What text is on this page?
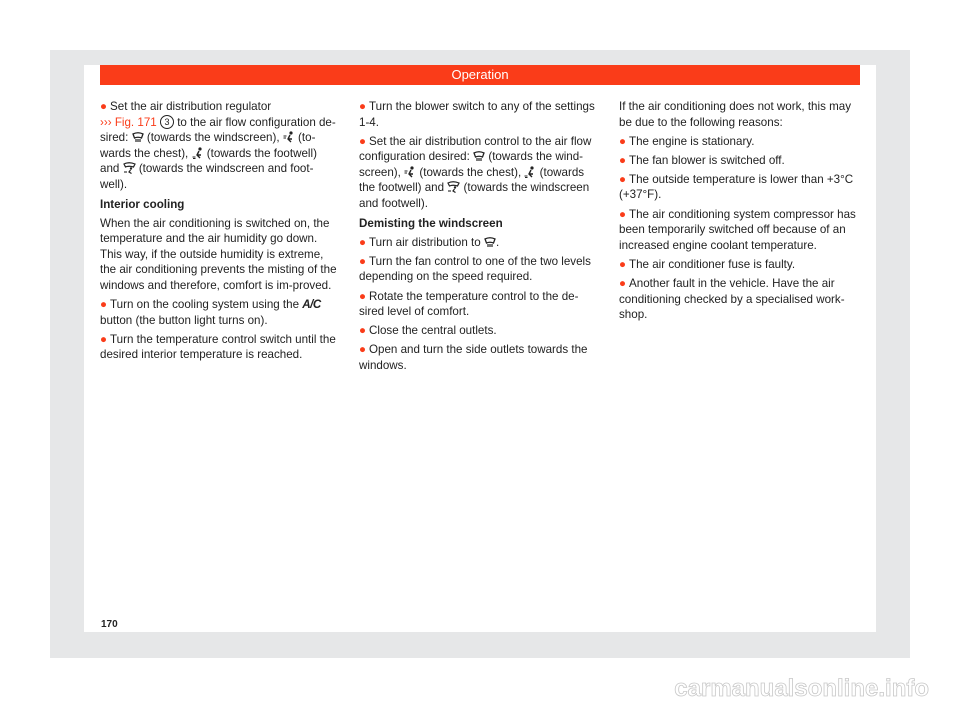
Operation

● Set the air distribution regulator
››› Fig. 171 3 to the air flow configuration de-sired: (towards the windscreen), (to-wards the chest), (towards the footwell) and (towards the windscreen and foot-well).

Interior cooling

When the air conditioning is switched on, the temperature and the air humidity go down. This way, if the outside humidity is extreme, the air conditioning prevents the misting of the windows and therefore, comfort is im-proved.

● Turn on the cooling system using the A/C button (the button light turns on).

● Turn the temperature control switch until the desired interior temperature is reached.

● Turn the blower switch to any of the settings 1-4.

● Set the air distribution control to the air flow configuration desired: (towards the wind-screen), (towards the chest), (towards the footwell) and (towards the windscreen and footwell).

Demisting the windscreen

● Turn air distribution to .

● Turn the fan control to one of the two levels depending on the speed required.

● Rotate the temperature control to the de-sired level of comfort.

● Close the central outlets.

● Open and turn the side outlets towards the windows.

If the air conditioning does not work, this may be due to the following reasons:

● The engine is stationary.

● The fan blower is switched off.

● The outside temperature is lower than +3°C (+37°F).

● The air conditioning system compressor has been temporarily switched off because of an increased engine coolant temperature.

● The air conditioner fuse is faulty.

● Another fault in the vehicle. Have the air conditioning checked by a specialised work-shop.

170
carmanualsonline.info
